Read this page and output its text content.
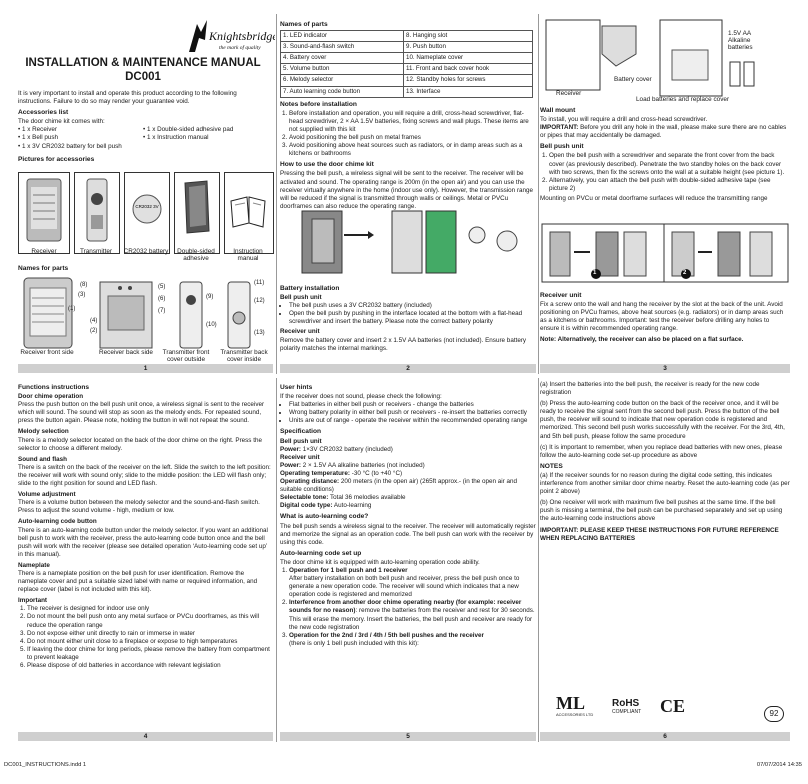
Knightsbridge
the mark of quality
INSTALLATION & MAINTENANCE MANUAL
DC001

It is very important to install and operate this product according to the following instructions. Failure to do so may render your guarantee void.

Accessories list
The door chime kit comes with:
• 1 x Receiver
• 1 x Bell push
• 1 x 3V CR2032 battery for bell push
• 1 x Double-sided adhesive pad
• 1 x Instruction manual
Pictures for accessories
CR2032 3V
Receiver	Transmitter	CR2032 battery	Double-sided adhesive
Instruction manual
Names for parts
(8)
(3)
(1)
(4)
(2)
(5)
(6)
(7)
(9)
(10)
(11)
(12)
(13)
Receiver front side	Receiver back side	Transmitter front cover outside
Transmitter back cover inside
1
Names of parts
1. LED indicator	8. Hanging slot
3. Sound-and-flash switch	9. Push button
4. Battery cover	10. Nameplate cover
5. Volume button	11. Front and back cover hook
6. Melody selector	12. Standby holes for screws
7. Auto learning code button	13. Interface
Notes before installation
1. Before installation and operation, you will require a drill, cross-head screwdriver, flat-head screwdriver, 2 × AA 1.5V batteries, fixing screws and wall plugs. These items are not supplied with this kit
2. Avoid positioning the bell push on metal frames
3. Avoid positioning above heat sources such as radiators, or in damp areas such as a kitchens or bathrooms
How to use the door chime kit

Pressing the bell push, a wireless signal will be sent to the receiver. The receiver will be activated and sound. The operating range is 200m (in the open air) and you can use the receiver virtually anywhere in the home (indoor use only). However, the transmission range will be reduced if the signal is transmitted through walls or ceilings. Metal or PVCu doorframes can also reduce the operating range.

Battery installation
Bell push unit
• The bell push uses a 3V CR2032 battery (included)
• Open the bell push by pushing in the interface located at the bottom with a flat-head screwdriver and insert the battery. Please note the correct battery polarity
Receiver unit

Remove the battery cover and insert 2 x 1.5V AA batteries (not included). Ensure battery polarity matches the internal markings.

2
Receiver
Battery cover
1.5V AA Alkaline batteries
Load batteries and replace cover
Wall mount
To install, you will require a drill and cross-head screwdriver.

IMPORTANT: Before you drill any hole in the wall, please make sure there are no cables or pipes that may accidentally be damaged.

Bell push unit
1. Open the bell push with a screwdriver and separate the front cover from the back cover (as previously described). Penetrate the two standby holes on the back cover with two screws, then fix the screws onto the wall at a suitable height (see picture 1).
2. Alternatively, you can attach the bell push with double-sided adhesive tape (see picture 2)

Mounting on PVCu or metal doorframe surfaces will reduce the transmitting range

1	2
Receiver unit

Fix a screw onto the wall and hang the receiver by the slot at the back of the unit. Avoid positioning on PVCu frames, above heat sources (e.g. radiators) or in damp areas such as a kitchens or bathrooms. Important: test the receiver before drilling any holes to ensure it is within recommended operating range.

Note: Alternatively, the receiver can also be placed on a flat surface.

3
Functions instructions
Door chime operation

Press the push button on the bell push unit once, a wireless signal is sent to the receiver which will sound. The sound will stop as soon as the melody ends. For repeated sound, press the button again. Please note, holding the button in will not repeat the sound.

Melody selection

There is a melody selector located on the back of the door chime on the right. Press the selector to choose a different melody.

Sound and flash

There is a switch on the back of the receiver on the left. Slide the switch to the left position: the receiver will work with sound only; slide to the middle position: the LED will flash only; slide to the right position for sound and LED flash.

Volume adjustment

There is a volume button between the melody selector and the sound-and-flash switch. Press to adjust the sound volume - high, medium or low.

Auto-learning code button

There is an auto-learning code button under the melody selector. If you want an additional bell push to work with the receiver, press the auto-learning code button once and the bell push will work with the receiver (please see detailed operation ‘Auto-learning code set up’ in this manual).

Nameplate

There is a nameplate position on the bell push for user identification. Remove the nameplate cover and put a suitable sized label with name or required information, and replace cover (label is not included with this kit).

Important
1. The receiver is designed for indoor use only
2. Do not mount the bell push onto any metal surface or PVCu doorframes, as this will reduce the operation range
3. Do not expose either unit directly to rain or immerse in water
4. Do not mount either unit close to a fireplace or expose to high temperatures
5. If leaving the door chime for long periods, please remove the battery from compartment to prevent leakage
6. Please dispose of old batteries in accordance with relevant legislation
4
User hints
If the receiver does not sound, please check the following:
• Flat batteries in either bell push or receivers - change the batteries
• Wrong battery polarity in either bell push or receivers - re-insert the batteries correctly
• Units are out of range - operate the receiver within the recommended operating range
Specification
Bell push unit
Power: 1×3V CR2032 battery (included)
Receiver unit
Power: 2 × 1.5V AA alkaline batteries (not included)
Operating temperature: -30 °C (to +40 °C)
Operating distance: 200 meters (in the open air) (265ft approx.- (in the open air and suitable conditions)
Selectable tone: Total 36 melodies available
Digital code type: Auto-learning
What is auto-learning code?

The bell push sends a wireless signal to the receiver. The receiver will automatically register and memorize the signal as an operation code. The bell push can work with the receiver by using this code.

Auto-learning code set up
The door chime kit is equipped with auto-learning operation code ability.
1. Operation for 1 bell push and 1 receiver
After battery installation on both bell push and receiver, press the bell push once to generate a new operation code. The receiver will sound which indicates that a new operation code is registered and memorized
2. Interference from another door chime operating nearby (for example: receiver sounds for no reason): remove the batteries from the receiver and rest for 30 seconds. This will erase the memory. Insert the batteries, the bell push and receiver are ready for the new code registration
3. Operation for the 2nd / 3rd / 4th / 5th bell pushes and the receiver
(there is only 1 bell push included with this kit):
5

(a) Insert the batteries into the bell push, the receiver is ready for the new code registration

(b) Press the auto-learning code button on the back of the receiver once, and it will be ready to receive the signal sent from the second bell push. Press the button of the bell push, the receiver will sound to indicate that new operation code is registered and memorized. This second bell push works successfully with the receiver. For the 3rd, 4th, and 5th bell push, please follow the same procedure

(c) It is important to remember, when you replace dead batteries with new ones, please follow the auto-learning code set-up procedure as above

NOTES

(a) If the receiver sounds for no reason during the digital code setting, this indicates interference from another similar door chime nearby. Reset the auto-learning code (as per point 2 above)

(b) One receiver will work with maximum five bell pushes at the same time. If the bell push is missing a terminal, the bell push can be purchased separately and set up using the auto-learning code instructions above

IMPORTANT: PLEASE KEEP THESE INSTRUCTIONS FOR FUTURE REFERENCE WHEN REPLACING BATTERIES

ML
ACCESSORIES LTD
RoHS
COMPLIANT	CE	92
6
DC001_INSTRUCTIONS.indd 1	07/07/2014 14:35
